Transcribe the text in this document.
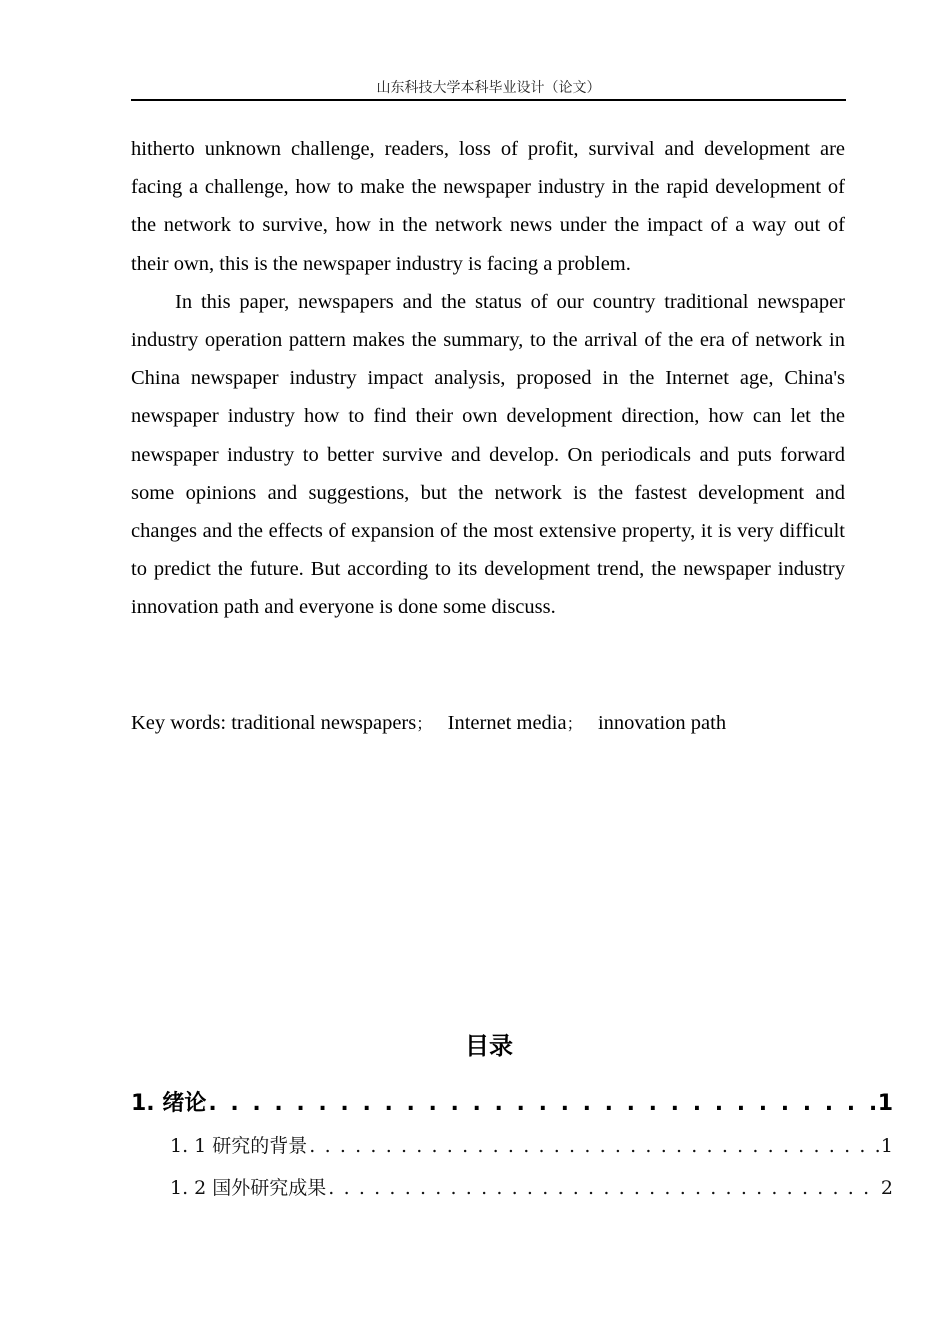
山东科技大学本科毕业设计（论文）

hitherto unknown challenge, readers, loss of profit, survival and development are facing a challenge, how to make the newspaper industry in the rapid development of the network to survive, how in the network news under the impact of a way out of their own, this is the newspaper industry is facing a problem.

In this paper, newspapers and the status of our country traditional newspaper industry operation pattern makes the summary, to the arrival of the era of network in China newspaper industry impact analysis, proposed in the Internet age, China's newspaper industry how to find their own development direction, how can let the newspaper industry to better survive and develop. On periodicals and puts forward some opinions and suggestions, but the network is the fastest development and changes and the effects of expansion of the most extensive property, it is very difficult to predict the future. But according to its development trend, the newspaper industry innovation path and everyone is done some discuss.

Key words: traditional newspapers； Internet media； innovation path
目录
1. 绪论 . . .	1
1. 1 研究的背景 . . .	1
1. 2 国外研究成果 . . .	2
